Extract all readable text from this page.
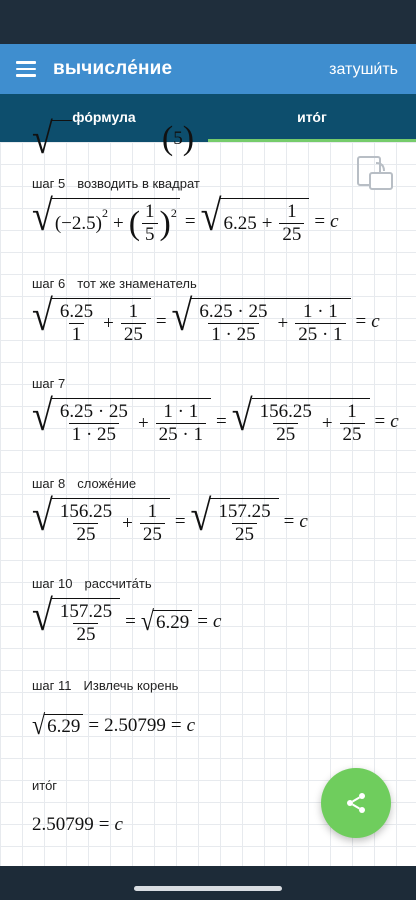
вычисле́ние	затуши́ть
фо́рмула	ито́г
√	( 5 )
шаг 5 возводить в квадрат
√ (−2.5) 2 + ( $\frac{1}{5}$ ) 2 = √ $6.25 + \frac{1}{25} = c$
шаг 6 тот же знаменатель
√ $\frac{6.25}{1} + \frac{1}{25}$ = √ $\frac{6.25 \cdot 25}{1 \cdot 25} + \frac{1 \cdot 1}{25 \cdot 1} = c$
шаг 7
√ $\frac{6.25 \cdot 25}{1 \cdot 25} + \frac{1 \cdot 1}{25 \cdot 1}$ = √ $\frac{156.25}{25} + \frac{1}{25} = c$
шаг 8 сложе́ние
√ $\frac{156.25}{25} + \frac{1}{25}$ = √ $\frac{157.25}{25} = c$
шаг 10 рассчита́ть
√ $\frac{157.25}{25}$ = √ 6.29 = c
шаг 11 Извлечь корень
√ 6.29 = 2.50799 = c
ито́г
2.50799 = c
